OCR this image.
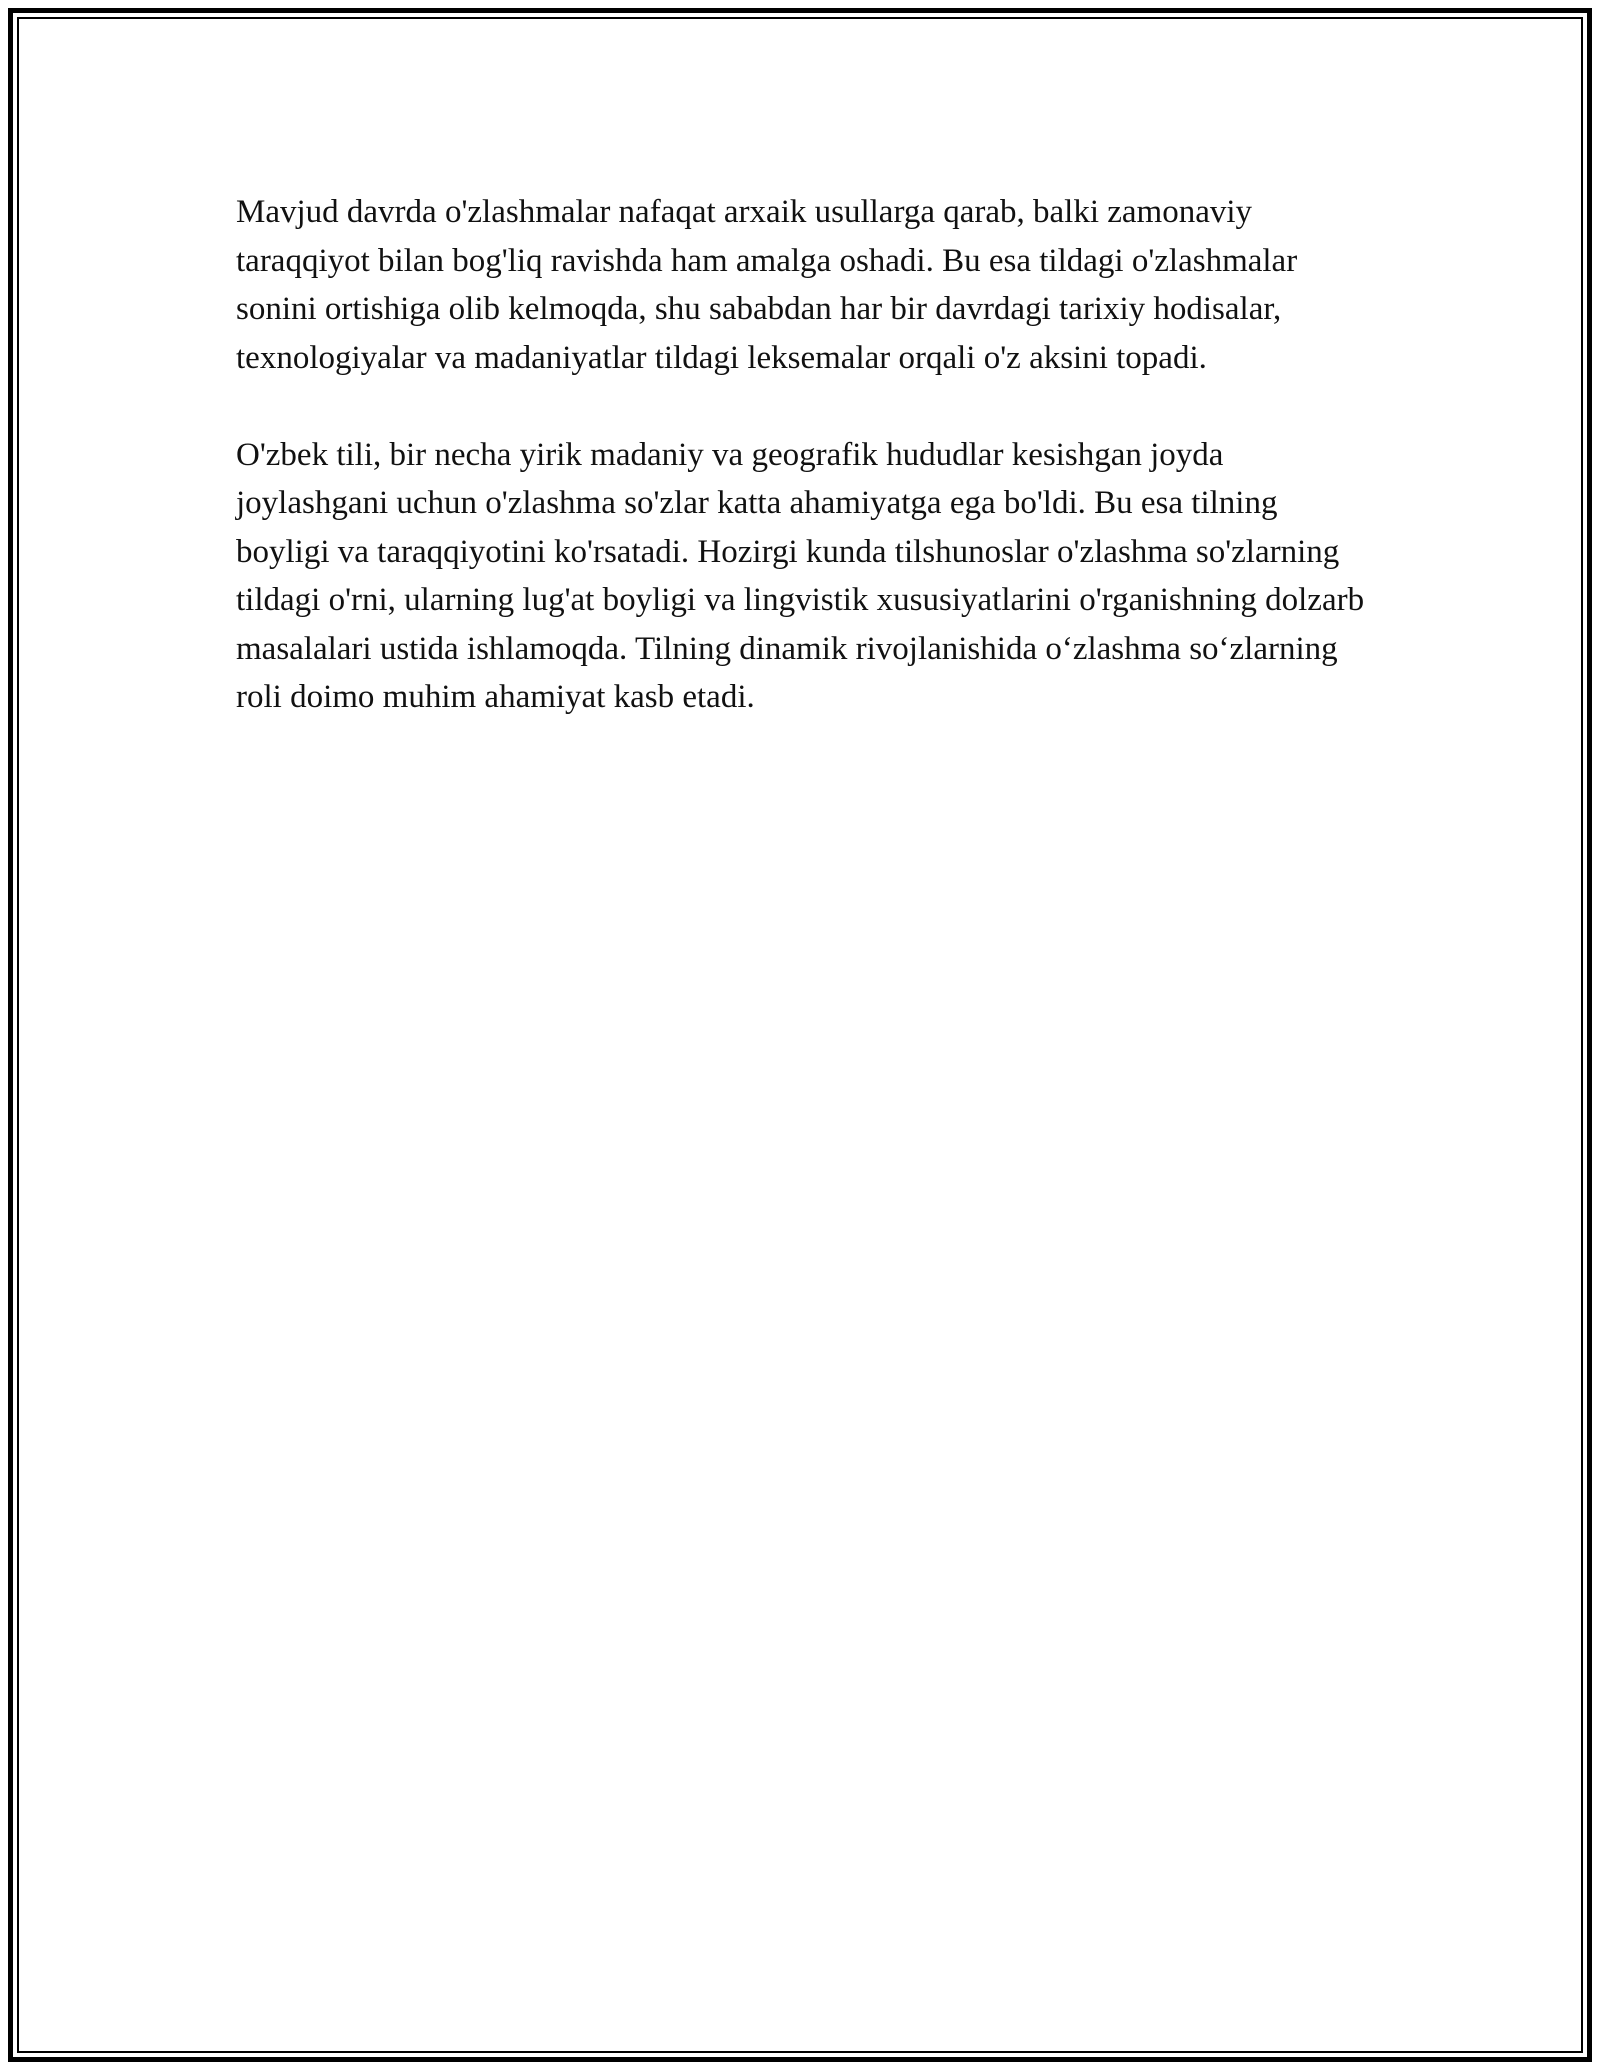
Mavjud davrda o'zlashmalar nafaqat arxaik usullarga qarab, balki zamonaviy taraqqiyot bilan bog'liq ravishda ham amalga oshadi. Bu esa tildagi o'zlashmalar sonini ortishiga olib kelmoqda, shu sababdan har bir davrdagi tarixiy hodisalar, texnologiyalar va madaniyatlar tildagi leksemalar orqali o'z aksini topadi.

O'zbek tili, bir necha yirik madaniy va geografik hududlar kesishgan joyda joylashgani uchun o'zlashma so'zlar katta ahamiyatga ega bo'ldi. Bu esa tilning boyligi va taraqqiyotini ko'rsatadi. Hozirgi kunda tilshunoslar o'zlashma so'zlarning tildagi o'rni, ularning lug'at boyligi va lingvistik xususiyatlarini o'rganishning dolzarb masalalari ustida ishlamoqda. Tilning dinamik rivojlanishida o‘zlashma so‘zlarning roli doimo muhim ahamiyat kasb etadi.
